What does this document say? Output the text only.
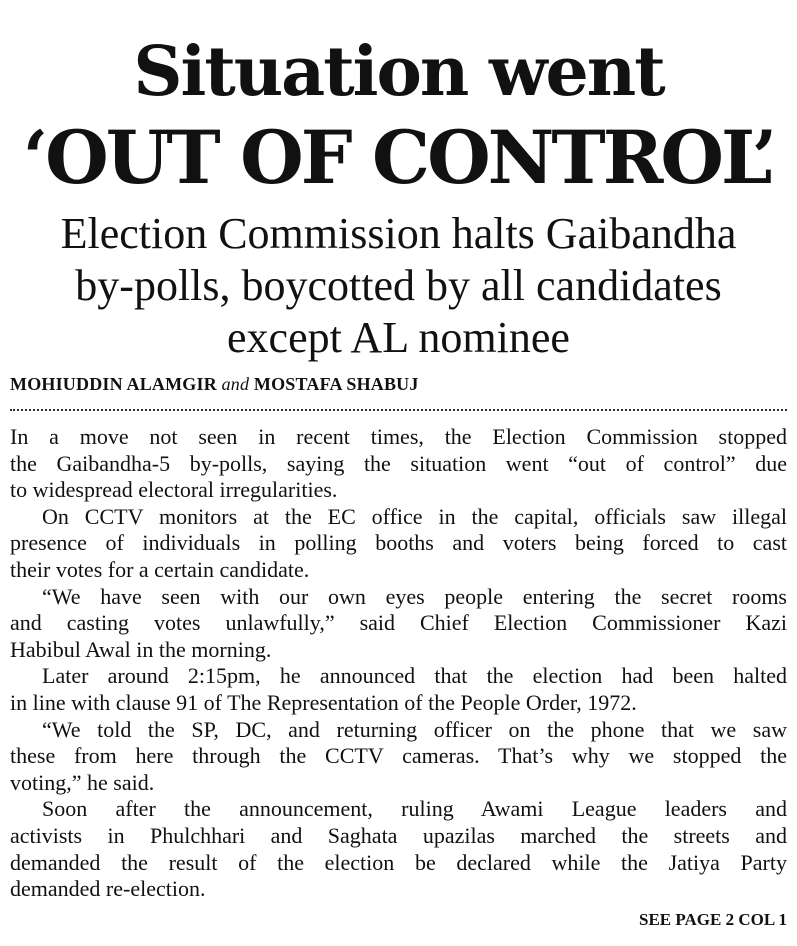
Situation went
‘OUT OF CONTROL’
Election Commission halts Gaibandha
by-polls, boycotted by all candidates
except AL nominee
MOHIUDDIN ALAMGIR and MOSTAFA SHABUJ
In a move not seen in recent times, the Election Commission stopped
the Gaibandha-5 by-polls, saying the situation went “out of control” due
to widespread electoral irregularities.
On CCTV monitors at the EC office in the capital, officials saw illegal
presence of individuals in polling booths and voters being forced to cast
their votes for a certain candidate.
“We have seen with our own eyes people entering the secret rooms
and casting votes unlawfully,” said Chief Election Commissioner Kazi
Habibul Awal in the morning.
Later around 2:15pm, he announced that the election had been halted
in line with clause 91 of The Representation of the People Order, 1972.
“We told the SP, DC, and returning officer on the phone that we saw
these from here through the CCTV cameras. That’s why we stopped the
voting,” he said.
Soon after the announcement, ruling Awami League leaders and
activists in Phulchhari and Saghata upazilas marched the streets and
demanded the result of the election be declared while the Jatiya Party
demanded re-election.
SEE PAGE 2 COL 1
